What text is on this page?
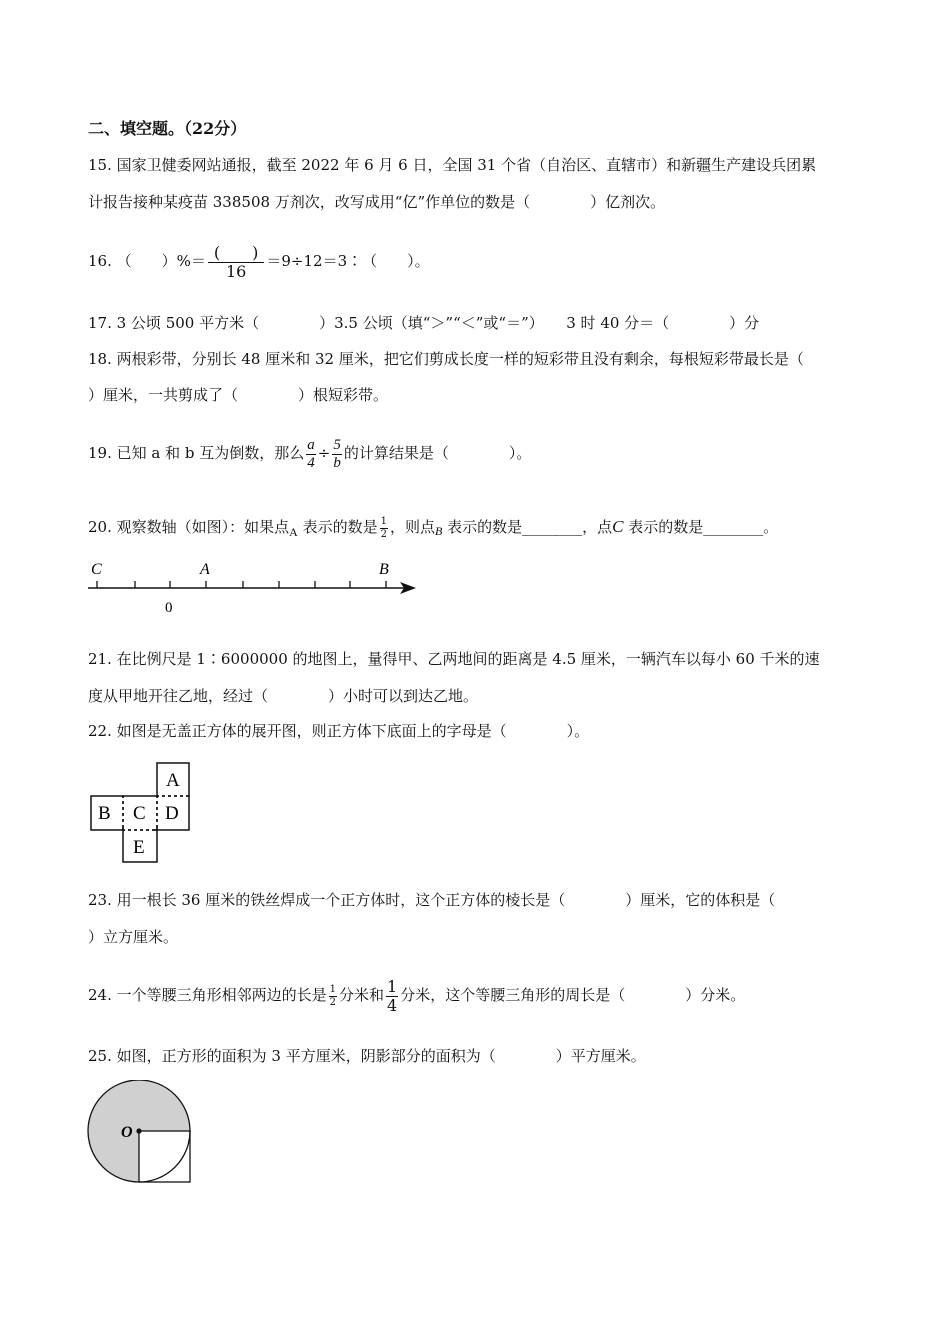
二、填空题。（22分）
15. 国家卫健委网站通报，截至 2022 年 6 月 6 日，全国 31 个省（自治区、直辖市）和新疆生产建设兵团累
计报告接种某疫苗 338508 万剂次，改写成用“亿”作单位的数是（　　　　）亿剂次。
16. （　　）%＝ $\frac{( )}{16}$ ＝9÷12＝3∶（　　）。
17. 3 公顷 500 平方米（　　　　）3.5 公顷（填“＞”“＜”或“＝”）　　3 时 40 分＝（　　　　）分
18. 两根彩带，分别长 48 厘米和 32 厘米，把它们剪成长度一样的短彩带且没有剩余，每根短彩带最长是（
）厘米，一共剪成了（　　　　）根短彩带。
19. 已知 a 和 b 互为倒数，那么 $\frac{a}{4} \div \frac{5}{b}$ 的计算结果是（　　　　）。
20. 观察数轴（如图）：如果点$_A$ 表示的数是 $\frac{1}{2}$ ，则点$_B$ 表示的数是________，点C 表示的数是________。
C	A	B
0
21. 在比例尺是 1∶6000000 的地图上，量得甲、乙两地间的距离是 4.5 厘米，一辆汽车以每小 60 千米的速
度从甲地开往乙地，经过（　　　　）小时可以到达乙地。
22. 如图是无盖正方体的展开图，则正方体下底面上的字母是（　　　　）。
A
B C D
E
23. 用一根长 36 厘米的铁丝焊成一个正方体时，这个正方体的棱长是（　　　　）厘米，它的体积是（
）立方厘米。
24. 一个等腰三角形相邻两边的长是 $\frac{1}{2}$ 分米和 $\frac{1}{4}$ 分米，这个等腰三角形的周长是（　　　　）分米。
25. 如图，正方形的面积为 3 平方厘米，阴影部分的面积为（　　　　）平方厘米。
O
